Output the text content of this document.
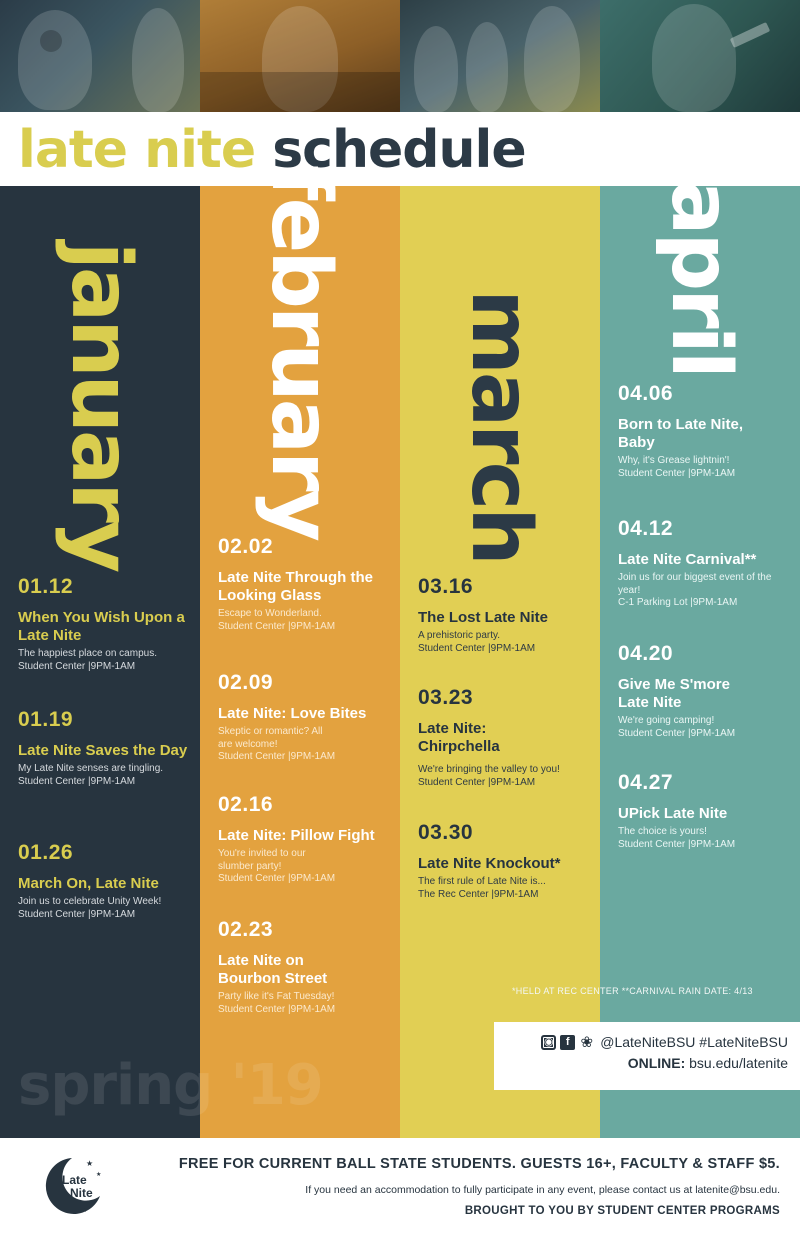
late nite schedule
january february march
april
01.12
When You Wish Upon a Late Nite
The happiest place on campus.
Student Center |9PM-1AM
01.19
Late Nite Saves the Day
My Late Nite senses are tingling.
Student Center |9PM-1AM
01.26
March On, Late Nite
Join us to celebrate Unity Week!
Student Center |9PM-1AM
02.02
Late Nite Through the Looking Glass
Escape to Wonderland.
Student Center |9PM-1AM
02.09
Late Nite: Love Bites
Skeptic or romantic? All are welcome!
Student Center |9PM-1AM
02.16
Late Nite: Pillow Fight
You're invited to our slumber party!
Student Center |9PM-1AM
02.23
Late Nite on Bourbon Street
Party like it's Fat Tuesday!
Student Center |9PM-1AM
03.16
The Lost Late Nite
A prehistoric party.
Student Center |9PM-1AM
03.23
Late Nite: Chirpchella
We're bringing the valley to you!
Student Center |9PM-1AM
03.30
Late Nite Knockout*
The first rule of Late Nite is...
The Rec Center |9PM-1AM
04.06
Born to Late Nite, Baby
Why, it's Grease lightnin'!
Student Center |9PM-1AM
04.12
Late Nite Carnival**
Join us for our biggest event of the year!
C-1 Parking Lot |9PM-1AM
04.20
Give Me S'more Late Nite
We're going camping!
Student Center |9PM-1AM
04.27
UPick Late Nite
The choice is yours!
Student Center |9PM-1AM
spring '19
*HELD AT REC CENTER **CARNIVAL RAIN DATE: 4/13
◉	f ❀ @LateNiteBSU #LateNiteBSU
ONLINE: bsu.edu/latenite
★
★
★
Late
Nite
FREE FOR CURRENT BALL STATE STUDENTS. GUESTS 16+, FACULTY & STAFF $5.
If you need an accommodation to fully participate in any event, please contact us at latenite@bsu.edu.
BROUGHT TO YOU BY STUDENT CENTER PROGRAMS
